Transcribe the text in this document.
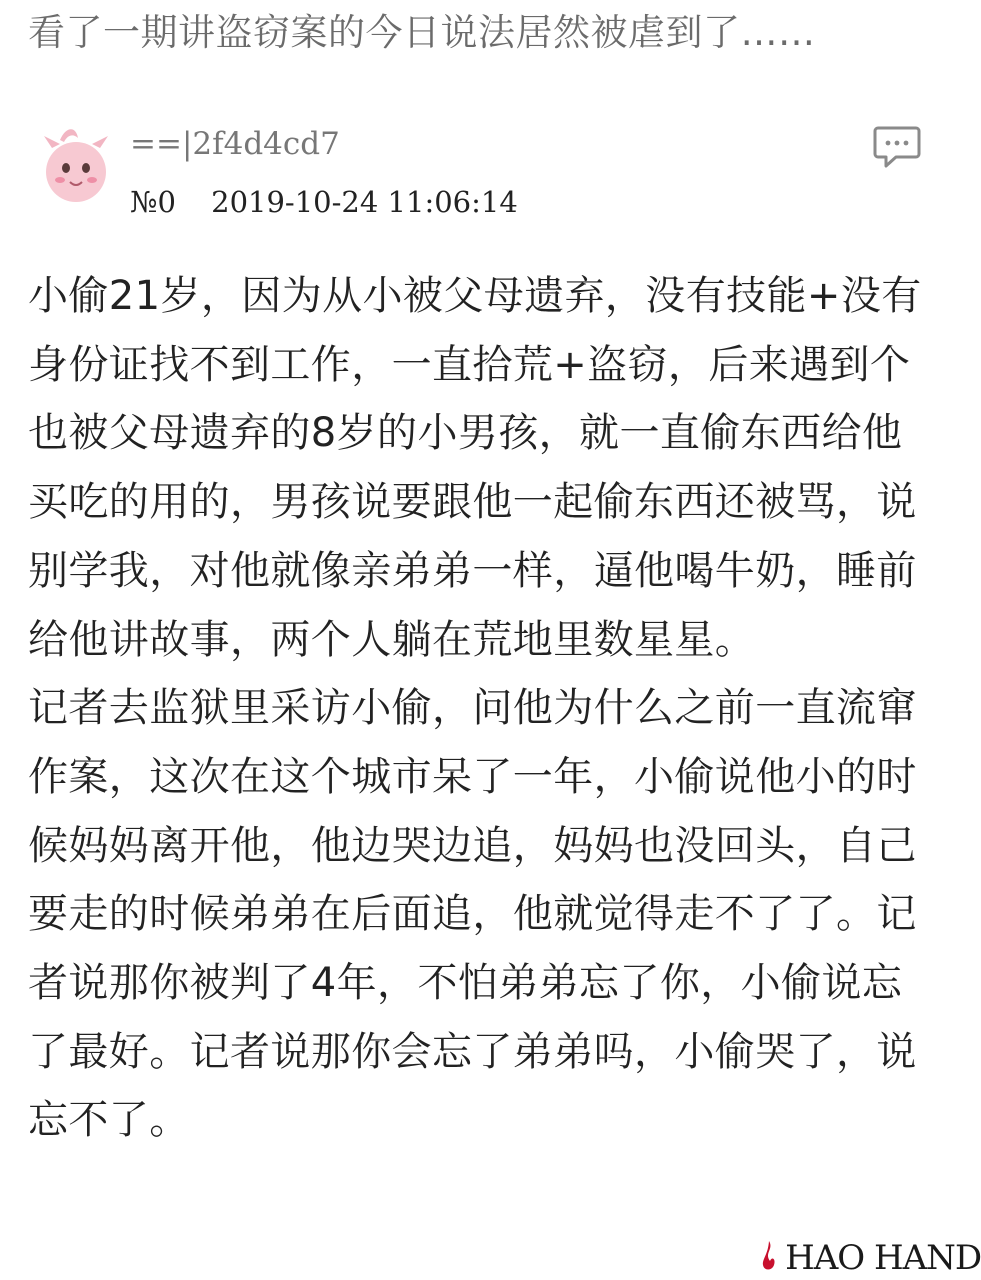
看了一期讲盗窃案的今日说法居然被虐到了……
==|2f4d4cd7
№0 2019-10-24 11:06:14

小偷21岁，因为从小被父母遗弃，没有技能+没有身份证找不到工作，一直拾荒+盗窃，后来遇到个也被父母遗弃的8岁的小男孩，就一直偷东西给他买吃的用的，男孩说要跟他一起偷东西还被骂，说别学我，对他就像亲弟弟一样，逼他喝牛奶，睡前给他讲故事，两个人躺在荒地里数星星。

记者去监狱里采访小偷，问他为什么之前一直流窜作案，这次在这个城市呆了一年，小偷说他小的时候妈妈离开他，他边哭边追，妈妈也没回头，自己要走的时候弟弟在后面追，他就觉得走不了了。记者说那你被判了4年，不怕弟弟忘了你，小偷说忘了最好。记者说那你会忘了弟弟吗，小偷哭了，说忘不了。

HAO HAND
